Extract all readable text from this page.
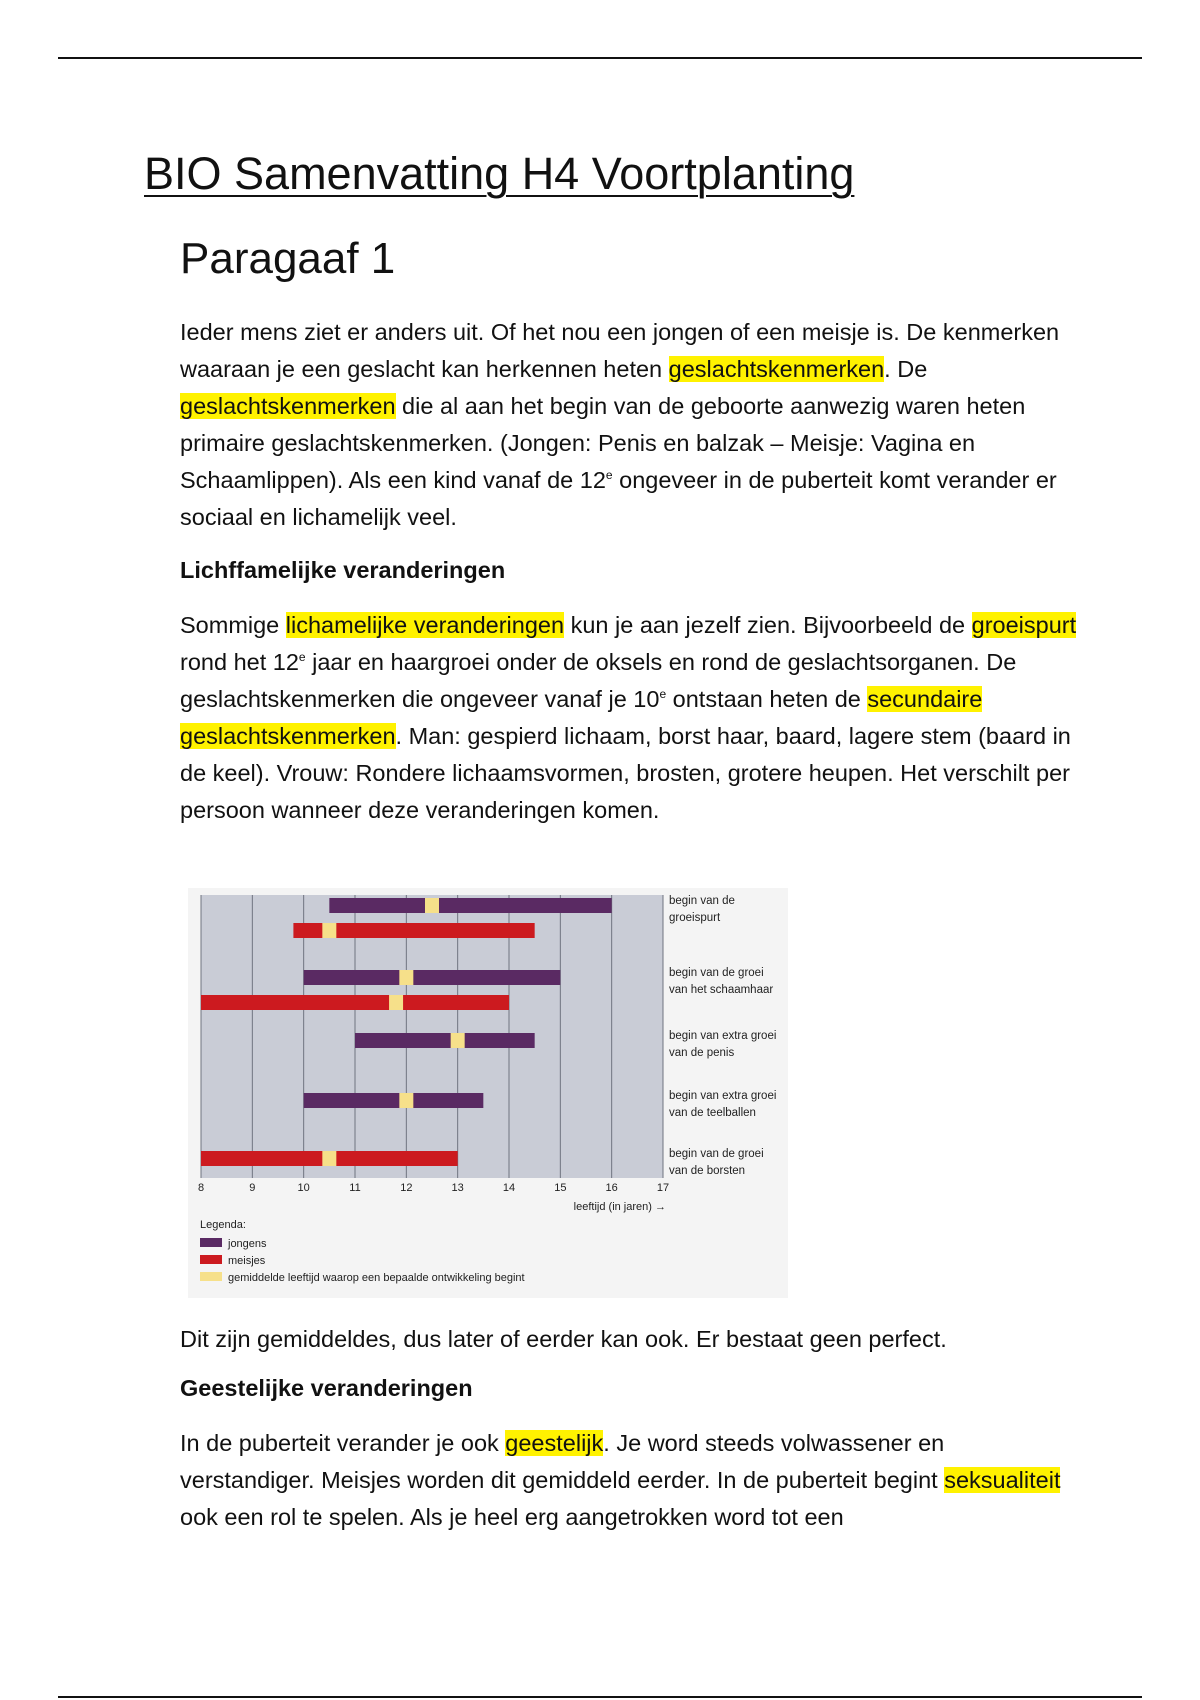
BIO Samenvatting H4 Voortplanting
Paragaaf 1

Ieder mens ziet er anders uit. Of het nou een jongen of een meisje is. De kenmerken waaraan je een geslacht kan herkennen heten geslachtskenmerken. De geslachtskenmerken die al aan het begin van de geboorte aanwezig waren heten primaire geslachtskenmerken. (Jongen: Penis en balzak – Meisje: Vagina en Schaamlippen). Als een kind vanaf de 12e ongeveer in de puberteit komt verander er sociaal en lichamelijk veel.

Lichffamelijke veranderingen

Sommige lichamelijke veranderingen kun je aan jezelf zien. Bijvoorbeeld de groeispurt rond het 12e jaar en haargroei onder de oksels en rond de geslachtsorganen. De geslachtskenmerken die ongeveer vanaf je 10e ontstaan heten de secundaire geslachtskenmerken. Man: gespierd lichaam, borst haar, baard, lagere stem (baard in de keel). Vrouw: Rondere lichaamsvormen, brosten, grotere heupen. Het verschilt per persoon wanneer deze veranderingen komen.

8	9	10	11	12	13	14	15	16	17
leeftijd (in jaren) →
begin van de
groeispurt
begin van de groei
van het schaamhaar
begin van extra groei
van de penis
begin van extra groei
van de teelballen
begin van de groei
van de borsten
Legenda:
jongens
meisjes
gemiddelde leeftijd waarop een bepaalde ontwikkeling begint

Dit zijn gemiddeldes, dus later of eerder kan ook. Er bestaat geen perfect.

Geestelijke veranderingen

In de puberteit verander je ook geestelijk. Je word steeds volwassener en verstandiger. Meisjes worden dit gemiddeld eerder. In de puberteit begint seksualiteit ook een rol te spelen. Als je heel erg aangetrokken word tot een
